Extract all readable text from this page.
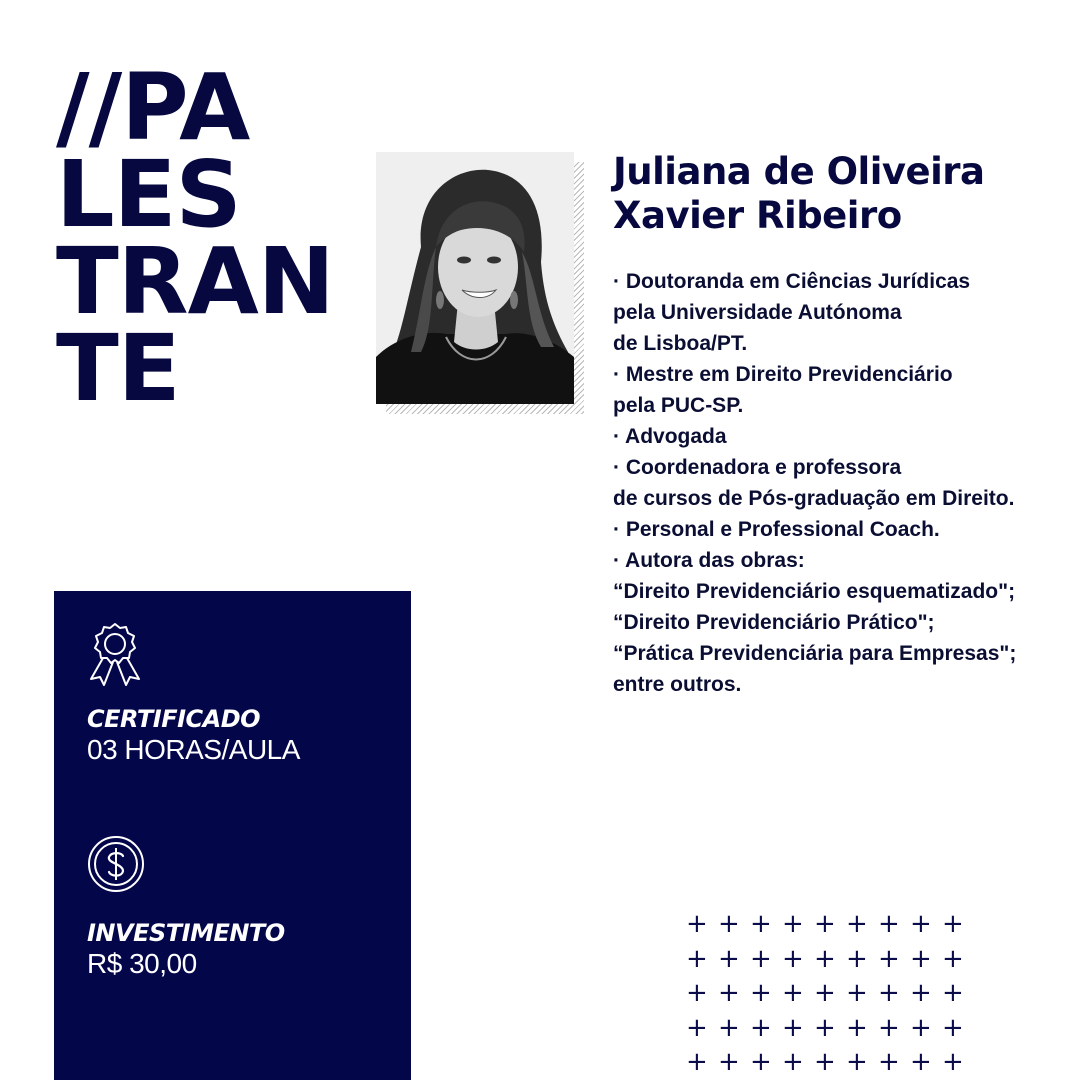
//PA
LES
TRAN
TE
Juliana de Oliveira
Xavier Ribeiro
· Doutoranda em Ciências Jurídicas
pela Universidade Autónoma
de Lisboa/PT.
· Mestre em Direito Previdenciário
pela PUC-SP.
· Advogada
· Coordenadora e professora
de cursos de Pós-graduação em Direito.
· Personal e Professional Coach.
· Autora das obras:
“Direito Previdenciário esquematizado";
“Direito Previdenciário Prático";
“Prática Previdenciária para Empresas";
entre outros.
CERTIFICADO
03 HORAS/AULA
INVESTIMENTO
R$ 30,00
+ + + + + + + + +
+ + + + + + + + +
+ + + + + + + + +
+ + + + + + + + +
+ + + + + + + + +
